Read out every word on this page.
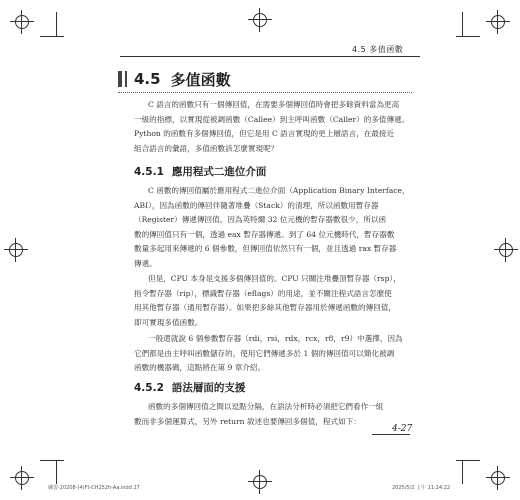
4.5 多值函數
4.5 多值函數

C 語言的函數只有一個傳回值，在需要多個傳回值時會把多餘資料當為更高

一級的指標，以實現從被調函數（Callee）到主呼叫函數（Caller）的多值傳遞。

Python 的函數有多個傳回值，但它是用 C 語言實現的更上層語言，在最接近

組合語言的彙語，多值函數該怎麼實現呢？

4.5.1 應用程式二進位介面

C 函數的傳回值屬於應用程式二進位介面（Application Binary Interface，

ABI），因為函數的傳回伴隨著堆疊（Stack）的清理，所以函數用暫存器

（Register）傳遞傳回值。因為英特爾 32 位元機的暫存器數很少，所以函

數的傳回值只有一個，透過 eax 暫存器傳遞。到了 64 位元機時代，暫存器數

數量多起用來傳遞的 6 個參數，但傳回值依然只有一個，並且透過 rax 暫存器

傳遞。

但是，CPU 本身是支援多個傳回值的。CPU 只關注堆疊頂暫存器（rsp），

指令暫存器（rip），標識暫存器（eflags）的用途，並不關注程式語言怎麼使

用其他暫存器（通用暫存器）。如果把多餘其他暫存器用於傳遞函數的傳回值，

即可實現多值函數。

一般還就說 6 個參數暫存器（rdi，rsi，rdx，rcx，r8，r9）中選擇，因為

它們都是由主呼叫函數儲存的，使用它們傳遞多於 1 個的傳回值可以簡化被調

函數的機器碼，這點將在第 9 章介紹。

4.5.2 語法層面的支援

函數的多個傳回值之間以逗點分隔，在語法分析時必須把它們看作一組

數而非多個運算式，另外 return 敘述也要傳回多個值，程式如下：

4-27
練習-20208-(4)Ft-CH252h-Aa.indd 27	2025/5/2 上午 11:24:22
